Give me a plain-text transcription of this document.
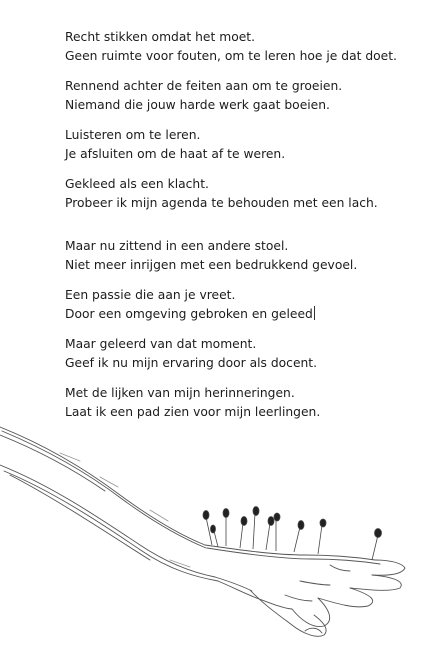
Recht stikken omdat het moet.
Geen ruimte voor fouten, om te leren hoe je dat doet.
Rennend achter de feiten aan om te groeien.
Niemand die jouw harde werk gaat boeien.
Luisteren om te leren.
Je afsluiten om de haat af te weren.
Gekleed als een klacht.
Probeer ik mijn agenda te behouden met een lach.
Maar nu zittend in een andere stoel.
Niet meer inrijgen met een bedrukkend gevoel.
Een passie die aan je vreet.
Door een omgeving gebroken en geleed
Maar geleerd van dat moment.
Geef ik nu mijn ervaring door als docent.
Met de lijken van mijn herinneringen.
Laat ik een pad zien voor mijn leerlingen.
